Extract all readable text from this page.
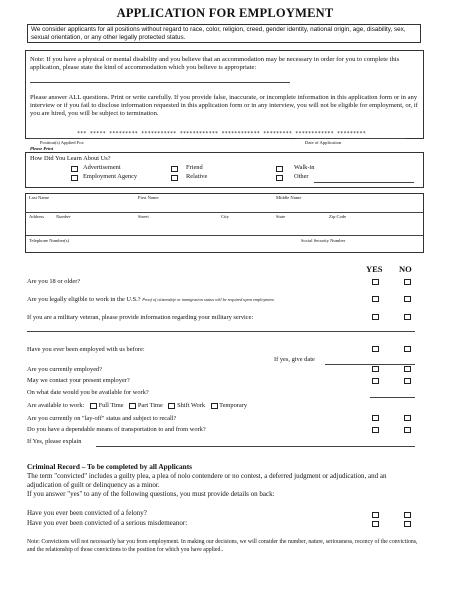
APPLICATION FOR EMPLOYMENT
We consider applicants for all positions without regard to race, color, religion, creed, gender identity, national origin, age, disability, sex, sexual orientation, or any other legally protected status.
Note: If you have a physical or mental disability and you believe that an accommodation may be necessary in order for you to complete this application, please state the kind of accommodation which you believe is appropriate:
Please answer ALL questions. Print or write carefully. If you provide false, inaccurate, or incomplete information in this application form or in any interview or if you fail to disclose information requested in this application form or in any interview, you will not be eligible for employment, or, if you are hired, you will be subject to termination.
*** ***** ********* *********** ************ ************ ********* ************ *********
Position(s) Applied For:
Please Print
Date of Application
How Did You Learn About Us?
Advertisement
Employment Agency
Friend
Relative
Walk-in
Other
Last Name	First Name	Middle Name
Address	Number	Street	City	State	Zip Code
Telephone Number(s)	Social Security Number
YES NO
Are you 18 or older?
Are you legally eligible to work in the U.S.? Proof of citizenship or immigration status will be required upon employment.
If you are a military veteran, please provide information regarding your military service:
Have you ever been employed with us before:
If yes, give date
Are you currently employed?
May we contact your present employer?
On what date would you be available for work?
Are available to work: Full Time Part Time Shift Work Temporary
Are you currently on "lay-off" status and subject to recall?
Do you have a dependable means of transportation to and from work?
If Yes, please explain
Criminal Record – To be completed by all Applicants
The term "convicted" includes a guilty plea, a plea of nolo contendere or no contest, a deferred judgment or adjudication, and an adjudication of guilt or delinquency as a minor.
If you answer "yes" to any of the following questions, you must provide details on back:
Have you ever been convicted of a felony?
Have you ever been convicted of a serious misdemeanor:
Note: Convictions will not necessarily bar you from employment. In making our decisions, we will consider the number, nature, seriousness, recency of the convictions, and the relationship of those convictions to the position for which you have applied..
